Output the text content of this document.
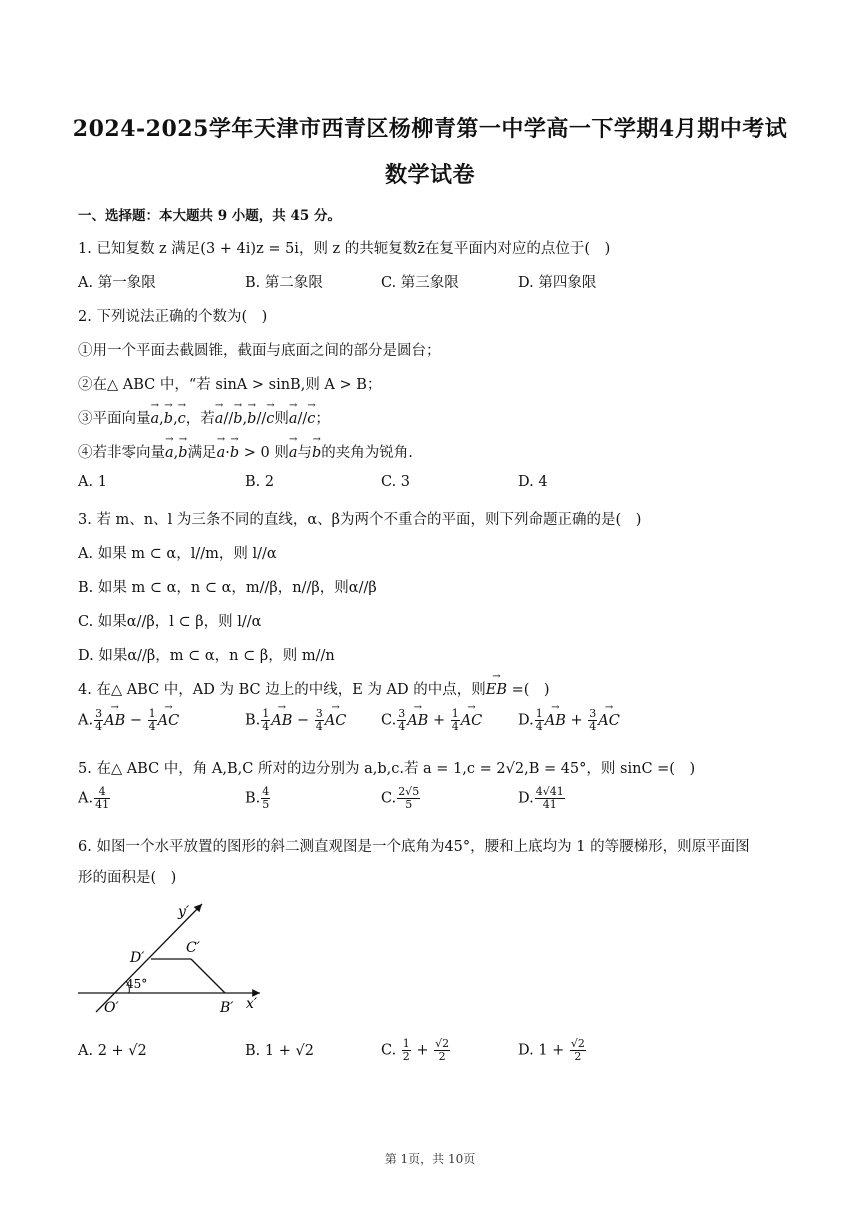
2024-2025学年天津市西青区杨柳青第一中学高一下学期4月期中考试
数学试卷
一、选择题：本大题共 9 小题，共 45 分。
1. 已知复数 z 满足(3 + 4i)z = 5i，则 z 的共轭复数z̄在复平面内对应的点位于(　)
A. 第一象限	B. 第二象限	C. 第三象限	D. 第四象限
2. 下列说法正确的个数为(　)
①用一个平面去截圆锥，截面与底面之间的部分是圆台；
②在△ ABC 中，“若 sinA > sinB,则 A > B；
③平面向量→ a,→ b,→ c，若→ a//→ b,→ b//→ c则→ a//→ c；
④若非零向量→ a,→ b满足→ a·→ b > 0 则→ a与→ b的夹角为锐角.
A. 1	B. 2	C. 3	D. 4
3. 若 m、n、l 为三条不同的直线，α、β为两个不重合的平面，则下列命题正确的是(　)
A. 如果 m ⊂ α，l//m，则 l//α
B. 如果 m ⊂ α，n ⊂ α，m//β，n//β，则α//β
C. 如果α//β，l ⊂ β，则 l//α
D. 如果α//β，m ⊂ α，n ⊂ β，则 m//n
4. 在△ ABC 中，AD 为 BC 边上的中线，E 为 AD 的中点，则→ EB =(　)
A. $\frac{3}{4}$ → AB − $\frac{1}{4}$ → AC	B. $\frac{1}{4}$ → AB − $\frac{3}{4}$ → AC C. $\frac{3}{4}$ → AB + $\frac{1}{4}$ → AC D. $\frac{1}{4}$ → AB + $\frac{3}{4}$ → AC
5. 在△ ABC 中，角 A,B,C 所对的边分别为 a,b,c.若 a = 1,c = 2√2,B = 45°，则 sinC =(　)
A. $\frac{4}{41}$	B. $\frac{4}{5}$	C. $\frac{2√5}{5}$	D. $\frac{4√41}{41}$
6. 如图一个水平放置的图形的斜二测直观图是一个底角为45°，腰和上底均为 1 的等腰梯形，则原平面图
形的面积是(　)
y′
D′
C′
45°
O′	B′ x′
A. 2 + √2	B. 1 + √2	C. $\frac{1}{2} + \frac{√2}{2}$	D. $1 + \frac{√2}{2}$
第 1页，共 10页
